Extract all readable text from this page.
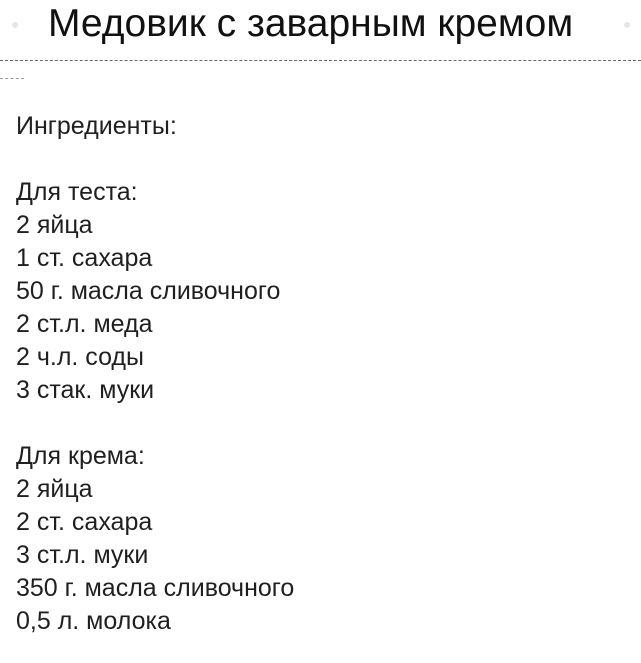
Медовик с заварным кремом
Ингредиенты:
Для теста:
2 яйца
1 ст. сахара
50 г. масла сливочного
2 ст.л. меда
2 ч.л. соды
3 стак. муки
Для крема:
2 яйца
2 ст. сахара
3 ст.л. муки
350 г. масла сливочного
0,5 л. молока
